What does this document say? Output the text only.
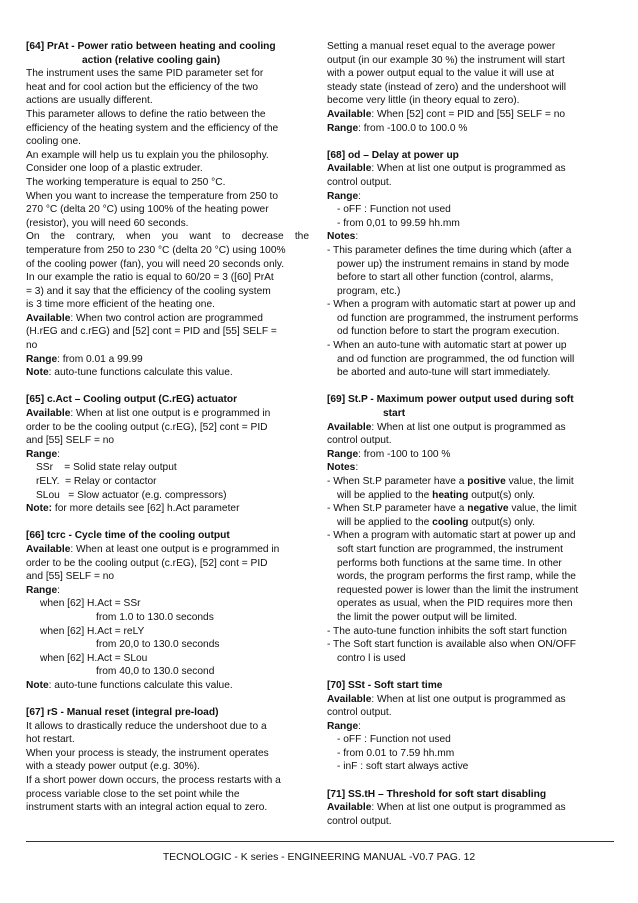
[64] PrAt - Power ratio between heating and cooling
action (relative cooling gain)

The instrument uses the same PID parameter set for

heat and for cool action but the efficiency of the two

actions are usually different.

This parameter allows to define the ratio between the

efficiency of the heating system and the efficiency of the

cooling one.

An example will help us tu explain you the philosophy.

Consider one loop of a plastic extruder.

The working temperature is equal to 250 °C.

When you want to increase the temperature from 250 to

270 °C (delta 20 °C) using 100% of the heating power

(resistor), you will need 60 seconds.

On the contrary, when you want to decrease the

temperature from 250 to 230 °C (delta 20 °C) using 100%

of the cooling power (fan), you will need 20 seconds only.

In our example the ratio is equal to 60/20 = 3 ([60] PrAt

= 3) and it say that the efficiency of the cooling system

is 3 time more efficient of the heating one.

Available: When two control action are programmed

(H.rEG and c.rEG) and [52] cont = PID and [55] SELF =

no

Range: from 0.01 a 99.99

Note: auto-tune functions calculate this value.

[65] c.Act – Cooling output (C.rEG) actuator

Available: When at list one output is e programmed in

order to be the cooling output (c.rEG), [52] cont = PID

and [55] SELF = no

Range:

SSr    = Solid state relay output

rELY.  = Relay or contactor

SLou   = Slow actuator (e.g. compressors)

Note: for more details see [62] h.Act parameter

[66] tcrc - Cycle time of the cooling output

Available: When at least one output is e programmed in

order to be the cooling output (c.rEG), [52] cont = PID

and [55] SELF = no

Range:

when [62] H.Act = SSr

from 1.0 to 130.0 seconds

when [62] H.Act = reLY

from 20,0 to 130.0 seconds

when [62] H.Act = SLou

from 40,0 to 130.0 second

Note: auto-tune functions calculate this value.

[67] rS - Manual reset (integral pre-load)

It allows to drastically reduce the undershoot due to a

hot restart.

When your process is steady, the instrument operates

with a steady power output (e.g. 30%).

If a short power down occurs, the process restarts with a

process variable close to the set point while the

instrument starts with an integral action equal to zero.

Setting a manual reset equal to the average power

output (in our example 30 %) the instrument will start

with a power output equal to the value it will use at

steady state (instead of zero) and the undershoot will

become very little (in theory equal to zero).

Available: When [52] cont = PID and [55] SELF = no

Range: from -100.0 to 100.0 %

[68] od – Delay at power up

Available: When at list one output is programmed as

control output.

Range:

- oFF : Function not used

- from 0,01 to 99.59 hh.mm

Notes:

- This parameter defines the time during which (after a

power up) the instrument remains in stand by mode

before to start all other function (control, alarms,

program, etc.)

- When a program with automatic start at power up and

od function are programmed, the instrument performs

od function before to start the program execution.

- When an auto-tune with automatic start at power up

and od function are programmed, the od function will

be aborted and auto-tune will start immediately.

[69] St.P - Maximum power output used during soft
start

Available: When at list one output is programmed as

control output.

Range: from -100 to 100 %

Notes:

- When St.P parameter have a positive value, the limit

will be applied to the heating output(s) only.

- When St.P parameter have a negative value, the limit

will be applied to the cooling output(s) only.

- When a program with automatic start at power up and

soft start function are programmed, the instrument

performs both functions at the same time. In other

words, the program performs the first ramp, while the

requested power is lower than the limit the instrument

operates as usual, when the PID requires more then

the limit the power output will be limited.

- The auto-tune function inhibits the soft start function

- The Soft start function is available also when ON/OFF

contro l is used

[70] SSt - Soft start time

Available: When at list one output is programmed as

control output.

Range:

- oFF : Function not used

- from 0.01 to 7.59 hh.mm

- inF : soft start always active

[71] SS.tH – Threshold for soft start disabling

Available: When at list one output is programmed as

control output.

TECNOLOGIC - K series - ENGINEERING MANUAL -V0.7 PAG. 12
